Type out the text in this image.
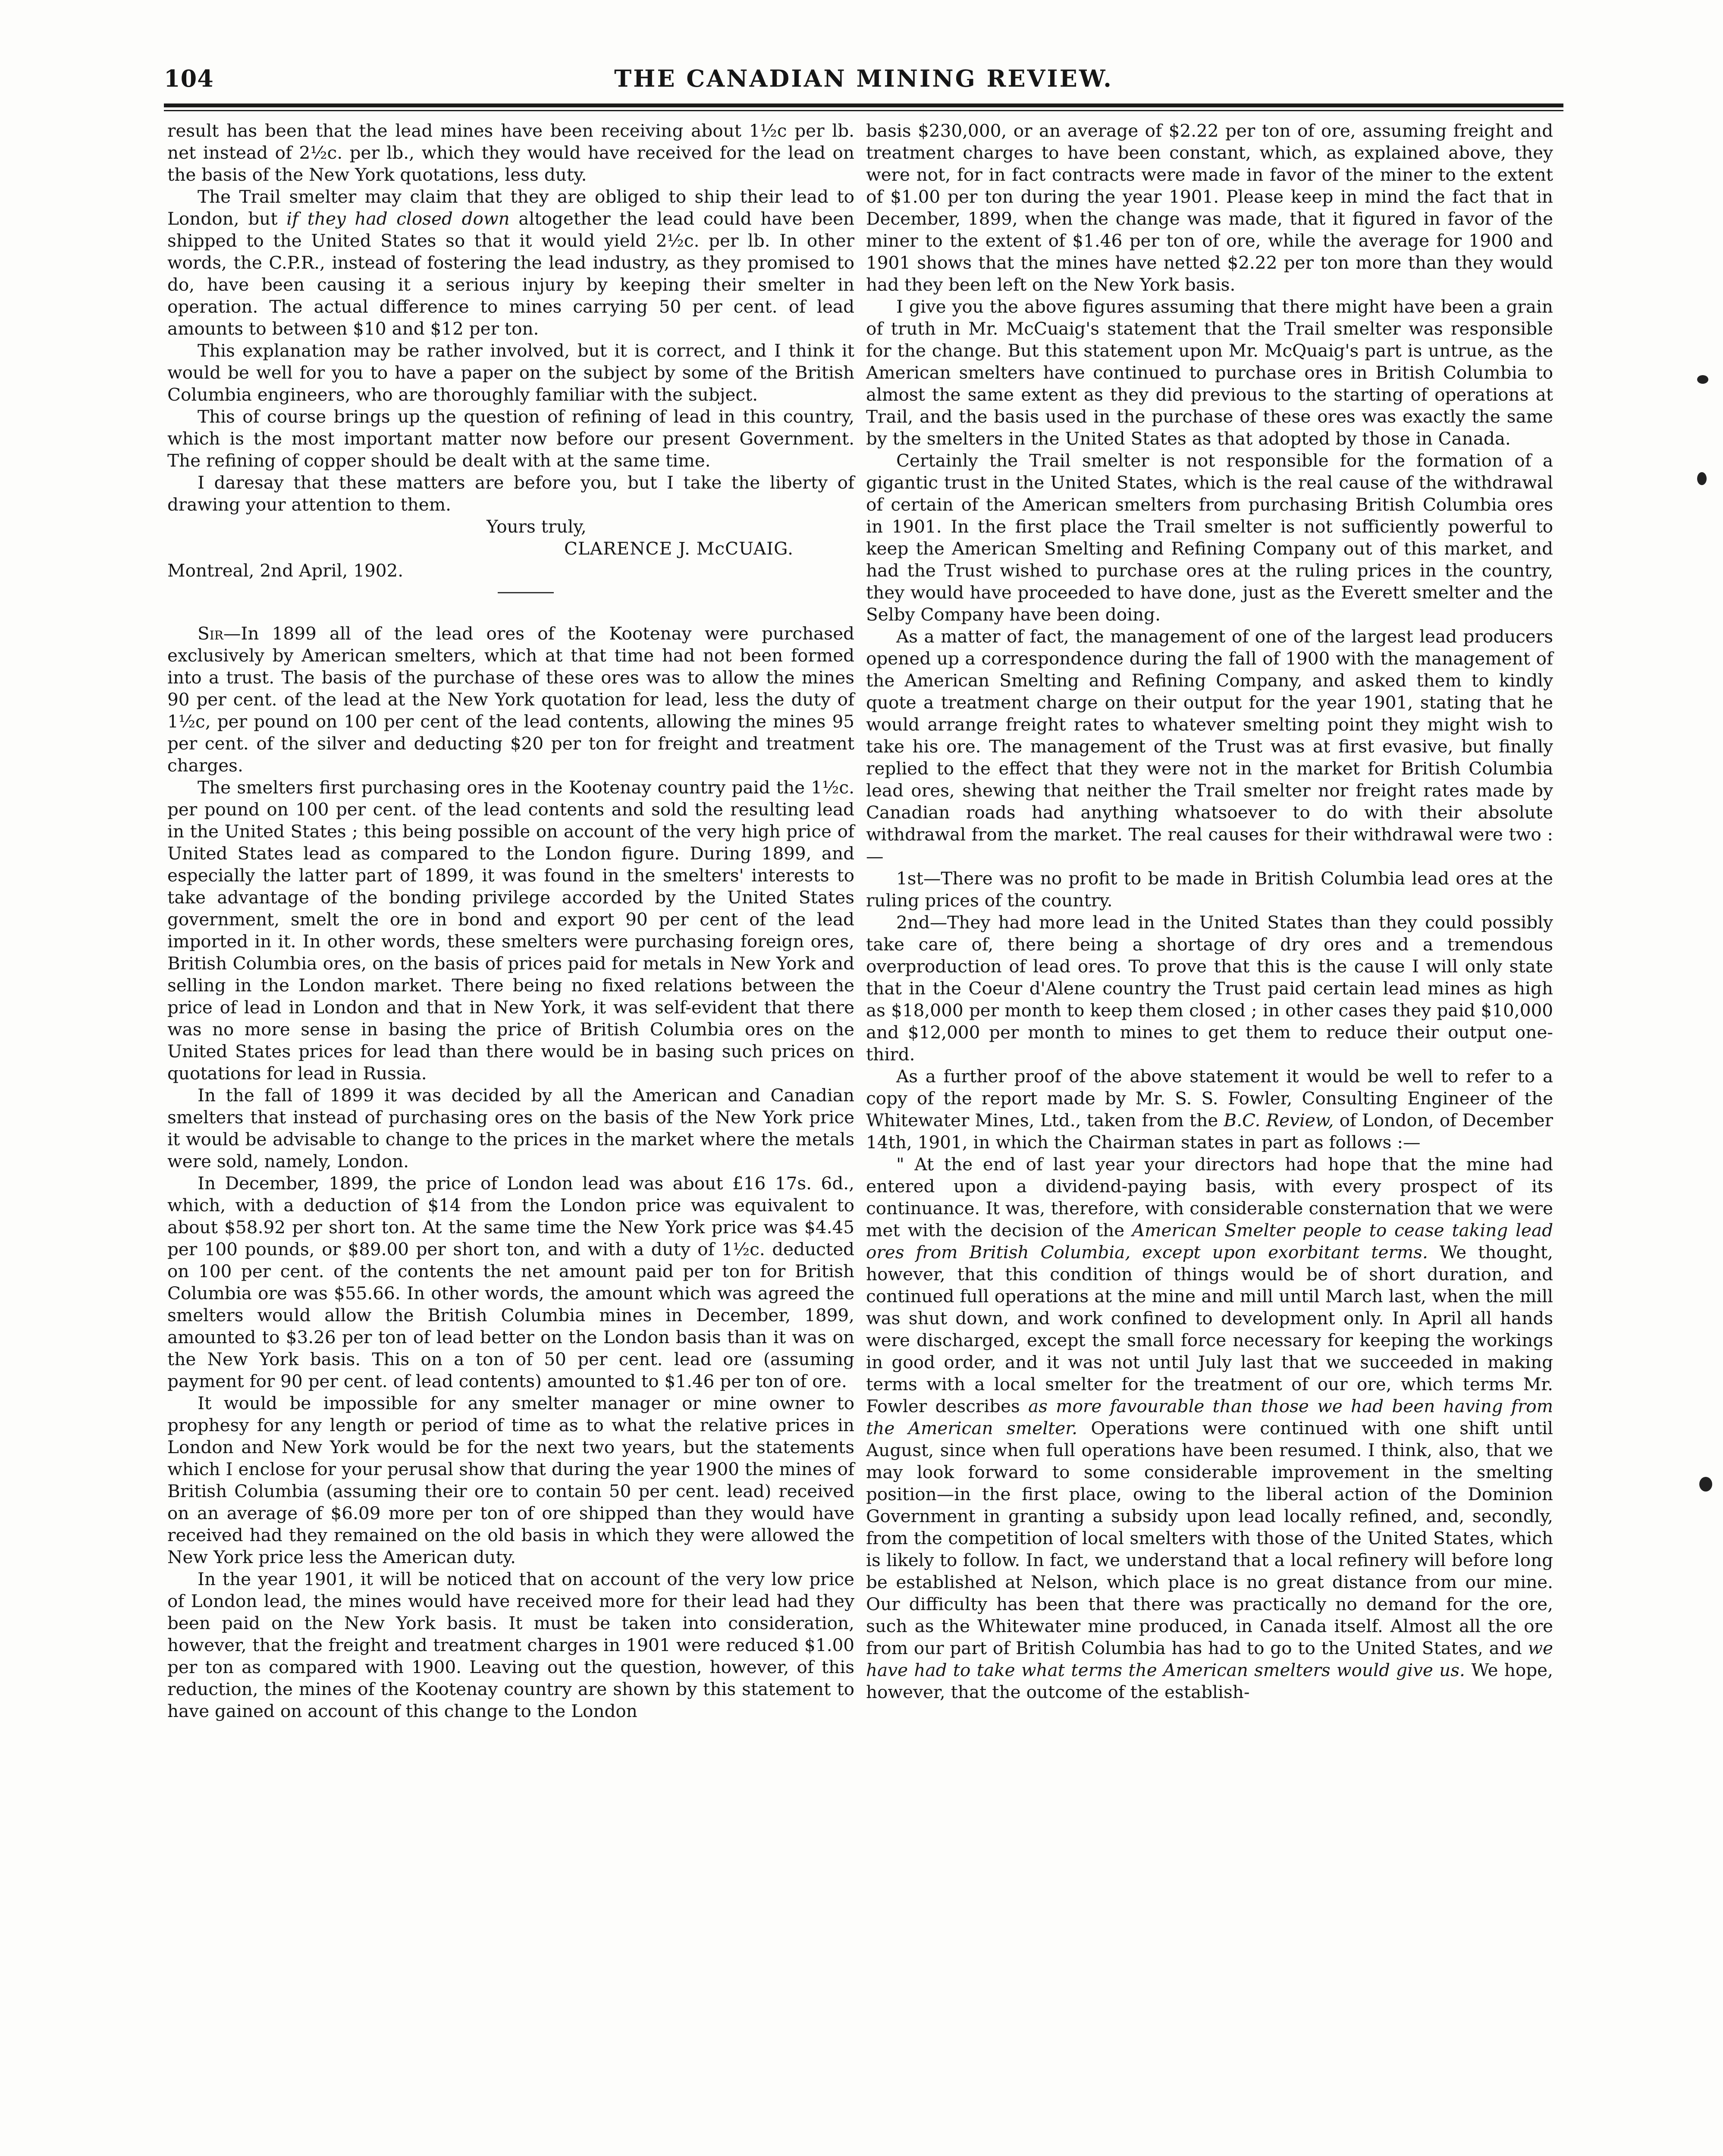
104	THE CANADIAN MINING REVIEW.

result has been that the lead mines have been receiving about 1½c per lb. net instead of 2½c. per lb., which they would have received for the lead on the basis of the New York quotations, less duty.

The Trail smelter may claim that they are obliged to ship their lead to London, but if they had closed down altogether the lead could have been shipped to the United States so that it would yield 2½c. per lb. In other words, the C.P.R., instead of fostering the lead industry, as they promised to do, have been causing it a serious injury by keeping their smelter in operation. The actual difference to mines carrying 50 per cent. of lead amounts to between $10 and $12 per ton.

This explanation may be rather involved, but it is correct, and I think it would be well for you to have a paper on the subject by some of the British Columbia engineers, who are thoroughly familiar with the subject.

This of course brings up the question of refining of lead in this country, which is the most important matter now before our present Government. The refining of copper should be dealt with at the same time.

I daresay that these matters are before you, but I take the liberty of drawing your attention to them.

Yours truly,

CLARENCE J. McCUAIG.
Montreal, 2nd April, 1902.

Sir—In 1899 all of the lead ores of the Kootenay were purchased exclusively by American smelters, which at that time had not been formed into a trust. The basis of the purchase of these ores was to allow the mines 90 per cent. of the lead at the New York quotation for lead, less the duty of 1½c, per pound on 100 per cent of the lead contents, allowing the mines 95 per cent. of the silver and deducting $20 per ton for freight and treatment charges.

The smelters first purchasing ores in the Kootenay country paid the 1½c. per pound on 100 per cent. of the lead contents and sold the resulting lead in the United States ; this being possible on account of the very high price of United States lead as compared to the London figure. During 1899, and especially the latter part of 1899, it was found in the smelters' interests to take advantage of the bonding privilege accorded by the United States government, smelt the ore in bond and export 90 per cent of the lead imported in it. In other words, these smelters were purchasing foreign ores, British Columbia ores, on the basis of prices paid for metals in New York and selling in the London market. There being no fixed relations between the price of lead in London and that in New York, it was self-evident that there was no more sense in basing the price of British Columbia ores on the United States prices for lead than there would be in basing such prices on quotations for lead in Russia.

In the fall of 1899 it was decided by all the American and Canadian smelters that instead of purchasing ores on the basis of the New York price it would be advisable to change to the prices in the market where the metals were sold, namely, London.

In December, 1899, the price of London lead was about £16 17s. 6d., which, with a deduction of $14 from the London price was equivalent to about $58.92 per short ton. At the same time the New York price was $4.45 per 100 pounds, or $89.00 per short ton, and with a duty of 1½c. deducted on 100 per cent. of the contents the net amount paid per ton for British Columbia ore was $55.66. In other words, the amount which was agreed the smelters would allow the British Columbia mines in December, 1899, amounted to $3.26 per ton of lead better on the London basis than it was on the New York basis. This on a ton of 50 per cent. lead ore (assuming payment for 90 per cent. of lead contents) amounted to $1.46 per ton of ore.

It would be impossible for any smelter manager or mine owner to prophesy for any length or period of time as to what the relative prices in London and New York would be for the next two years, but the statements which I enclose for your perusal show that during the year 1900 the mines of British Columbia (assuming their ore to contain 50 per cent. lead) received on an average of $6.09 more per ton of ore shipped than they would have received had they remained on the old basis in which they were allowed the New York price less the American duty.

In the year 1901, it will be noticed that on account of the very low price of London lead, the mines would have received more for their lead had they been paid on the New York basis. It must be taken into consideration, however, that the freight and treatment charges in 1901 were reduced $1.00 per ton as compared with 1900. Leaving out the question, however, of this reduction, the mines of the Kootenay country are shown by this statement to have gained on account of this change to the London

basis $230,000, or an average of $2.22 per ton of ore, assuming freight and treatment charges to have been constant, which, as explained above, they were not, for in fact contracts were made in favor of the miner to the extent of $1.00 per ton during the year 1901. Please keep in mind the fact that in December, 1899, when the change was made, that it figured in favor of the miner to the extent of $1.46 per ton of ore, while the average for 1900 and 1901 shows that the mines have netted $2.22 per ton more than they would had they been left on the New York basis.

I give you the above figures assuming that there might have been a grain of truth in Mr. McCuaig's statement that the Trail smelter was responsible for the change. But this statement upon Mr. McQuaig's part is untrue, as the American smelters have continued to purchase ores in British Columbia to almost the same extent as they did previous to the starting of operations at Trail, and the basis used in the purchase of these ores was exactly the same by the smelters in the United States as that adopted by those in Canada.

Certainly the Trail smelter is not responsible for the formation of a gigantic trust in the United States, which is the real cause of the withdrawal of certain of the American smelters from purchasing British Columbia ores in 1901. In the first place the Trail smelter is not sufficiently powerful to keep the American Smelting and Refining Company out of this market, and had the Trust wished to purchase ores at the ruling prices in the country, they would have proceeded to have done, just as the Everett smelter and the Selby Company have been doing.

As a matter of fact, the management of one of the largest lead producers opened up a correspondence during the fall of 1900 with the management of the American Smelting and Refining Company, and asked them to kindly quote a treatment charge on their output for the year 1901, stating that he would arrange freight rates to whatever smelting point they might wish to take his ore. The management of the Trust was at first evasive, but finally replied to the effect that they were not in the market for British Columbia lead ores, shewing that neither the Trail smelter nor freight rates made by Canadian roads had anything whatsoever to do with their absolute withdrawal from the market. The real causes for their withdrawal were two :—

1st—There was no profit to be made in British Columbia lead ores at the ruling prices of the country.

2nd—They had more lead in the United States than they could possibly take care of, there being a shortage of dry ores and a tremendous overproduction of lead ores. To prove that this is the cause I will only state that in the Coeur d'Alene country the Trust paid certain lead mines as high as $18,000 per month to keep them closed ; in other cases they paid $10,000 and $12,000 per month to mines to get them to reduce their output one-third.

As a further proof of the above statement it would be well to refer to a copy of the report made by Mr. S. S. Fowler, Consulting Engineer of the Whitewater Mines, Ltd., taken from the B.C. Review, of London, of December 14th, 1901, in which the Chairman states in part as follows :—

" At the end of last year your directors had hope that the mine had entered upon a dividend-paying basis, with every prospect of its continuance. It was, therefore, with considerable consternation that we were met with the decision of the American Smelter people to cease taking lead ores from British Columbia, except upon exorbitant terms. We thought, however, that this condition of things would be of short duration, and continued full operations at the mine and mill until March last, when the mill was shut down, and work confined to development only. In April all hands were discharged, except the small force necessary for keeping the workings in good order, and it was not until July last that we succeeded in making terms with a local smelter for the treatment of our ore, which terms Mr. Fowler describes as more favourable than those we had been having from the American smelter. Operations were continued with one shift until August, since when full operations have been resumed. I think, also, that we may look forward to some considerable improvement in the smelting position—in the first place, owing to the liberal action of the Dominion Government in granting a subsidy upon lead locally refined, and, secondly, from the competition of local smelters with those of the United States, which is likely to follow. In fact, we understand that a local refinery will before long be established at Nelson, which place is no great distance from our mine. Our difficulty has been that there was practically no demand for the ore, such as the Whitewater mine produced, in Canada itself. Almost all the ore from our part of British Columbia has had to go to the United States, and we have had to take what terms the American smelters would give us. We hope, however, that the outcome of the establish-
